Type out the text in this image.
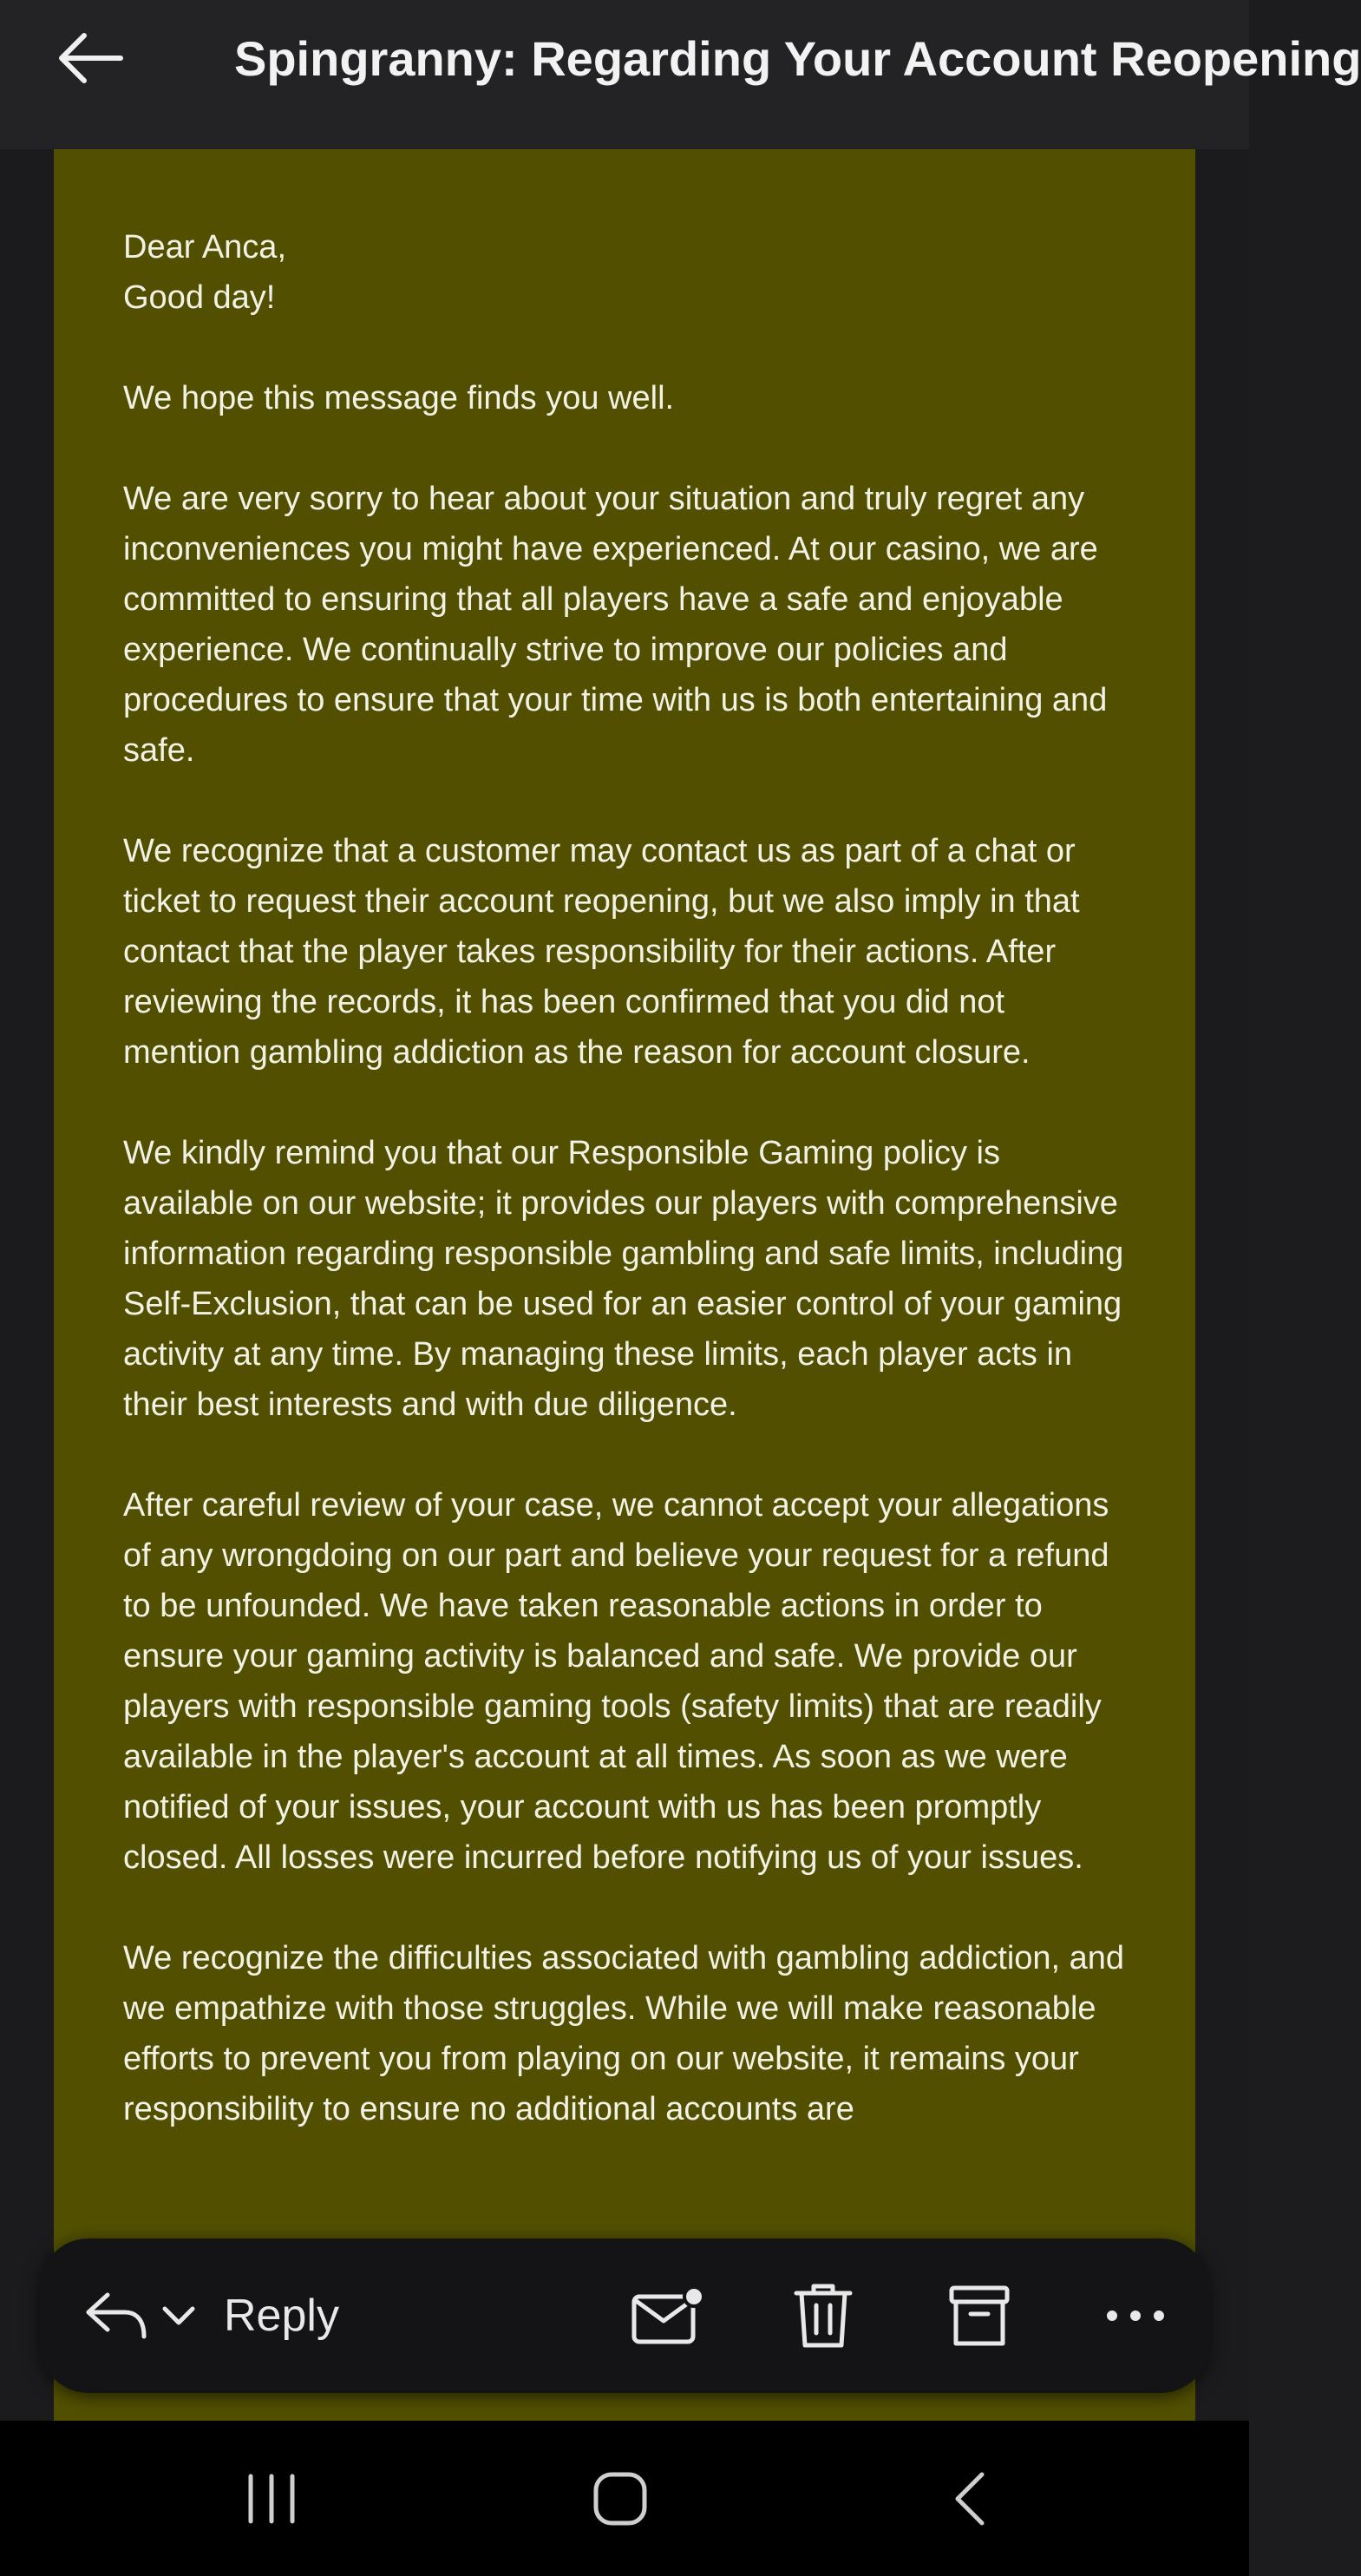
Spingranny: Regarding Your Account Reopening

Dear Anca,
Good day!

We hope this message finds you well.

We are very sorry to hear about your situation and truly regret any inconveniences you might have experienced. At our casino, we are committed to ensuring that all players have a safe and enjoyable experience. We continually strive to improve our policies and procedures to ensure that your time with us is both entertaining and safe.

We recognize that a customer may contact us as part of a chat or ticket to request their account reopening, but we also imply in that contact that the player takes responsibility for their actions. After reviewing the records, it has been confirmed that you did not mention gambling addiction as the reason for account closure.

We kindly remind you that our Responsible Gaming policy is available on our website; it provides our players with comprehensive information regarding responsible gambling and safe limits, including Self-Exclusion, that can be used for an easier control of your gaming activity at any time. By managing these limits, each player acts in their best interests and with due diligence.

After careful review of your case, we cannot accept your allegations of any wrongdoing on our part and believe your request for a refund to be unfounded. We have taken reasonable actions in order to ensure your gaming activity is balanced and safe. We provide our players with responsible gaming tools (safety limits) that are readily available in the player's account at all times. As soon as we were notified of your issues, your account with us has been promptly closed. All losses were incurred before notifying us of your issues.

We recognize the difficulties associated with gambling addiction, and we empathize with those struggles. While we will make reasonable efforts to prevent you from playing on our website, it remains your responsibility to ensure no additional accounts are

Reply
